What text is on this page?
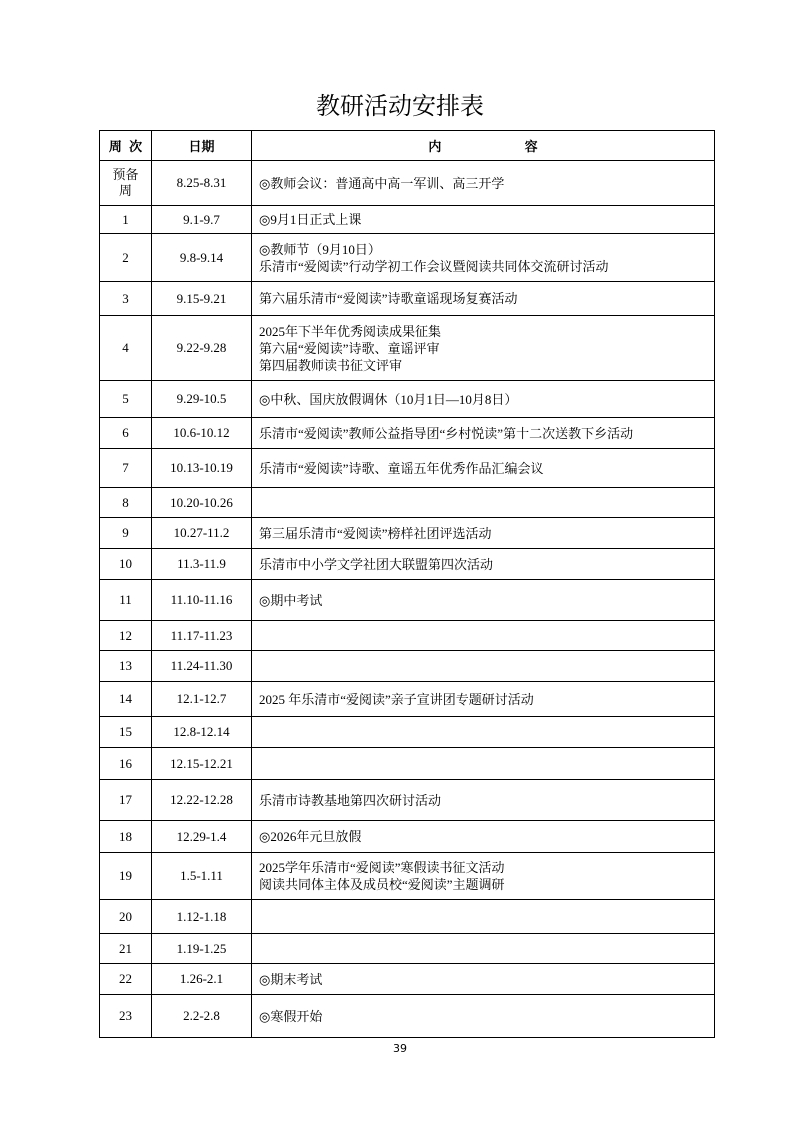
教研活动安排表
周 次	日期	内 容
预备周	8.25-8.31	◎教师会议：普通高中高一军训、高三开学

1	9.1-9.7	◎9月1日正式上课

2	9.8-9.14	◎教师节（9月10日）
乐清市“爱阅读”行动学初工作会议暨阅读共同体交流研讨活动

3	9.15-9.21	第六届乐清市“爱阅读”诗歌童谣现场复赛活动

4	9.22-9.28	2025年下半年优秀阅读成果征集
第六届“爱阅读”诗歌、童谣评审
第四届教师读书征文评审

5	9.29-10.5	◎中秋、国庆放假调休（10月1日—10月8日）

6	10.6-10.12	乐清市“爱阅读”教师公益指导团“乡村悦读”第十二次送教下乡活动

7	10.13-10.19	乐清市“爱阅读”诗歌、童谣五年优秀作品汇编会议

8	10.20-10.26	
9	10.27-11.2	第三届乐清市“爱阅读”榜样社团评选活动

10	11.3-11.9	乐清市中小学文学社团大联盟第四次活动

11	11.10-11.16	◎期中考试

12	11.17-11.23	
13	11.24-11.30	
14	12.1-12.7	2025 年乐清市“爱阅读”亲子宣讲团专题研讨活动

15	12.8-12.14	
16	12.15-12.21	
17	12.22-12.28	乐清市诗教基地第四次研讨活动

18	12.29-1.4	◎2026年元旦放假

19	1.5-1.11	2025学年乐清市“爱阅读”寒假读书征文活动
阅读共同体主体及成员校“爱阅读”主题调研

20	1.12-1.18	
21	1.19-1.25	
22	1.26-2.1	◎期末考试

23	2.2-2.8	◎寒假开始
39
